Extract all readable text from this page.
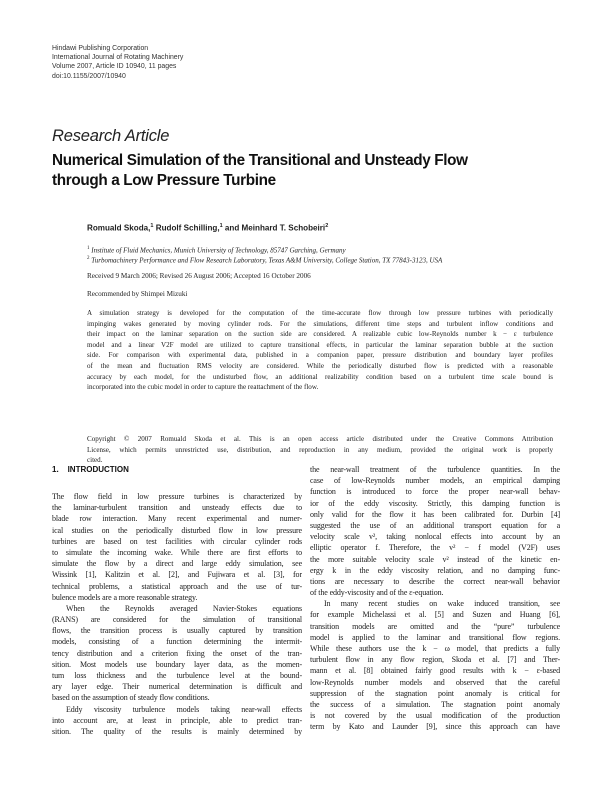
Hindawi Publishing Corporation
International Journal of Rotating Machinery
Volume 2007, Article ID 10940, 11 pages
doi:10.1155/2007/10940
Research Article
Numerical Simulation of the Transitional and Unsteady Flow
through a Low Pressure Turbine
Romuald Skoda,$^1$ Rudolf Schilling,$^1$ and Meinhard T. Schobeiri$^2$
$^1$ Institute of Fluid Mechanics, Munich University of Technology, 85747 Garching, Germany
$^2$ Turbomachinery Performance and Flow Research Laboratory, Texas A&M University, College Station, TX 77843-3123, USA
Received 9 March 2006; Revised 26 August 2006; Accepted 16 October 2006
Recommended by Shimpei Mizuki
A simulation strategy is developed for the computation of the time-accurate flow through low pressure turbines with periodically
impinging wakes generated by moving cylinder rods. For the simulations, different time steps and turbulent inflow conditions and
their impact on the laminar separation on the suction side are considered. A realizable cubic low-Reynolds number k − ε turbulence
model and a linear V2F model are utilized to capture transitional effects, in particular the laminar separation bubble at the suction
side. For comparison with experimental data, published in a companion paper, pressure distribution and boundary layer profiles
of the mean and fluctuation RMS velocity are considered. While the periodically disturbed flow is predicted with a reasonable
accuracy by each model, for the undisturbed flow, an additional realizability condition based on a turbulent time scale bound is
incorporated into the cubic model in order to capture the reattachment of the flow.
Copyright © 2007 Romuald Skoda et al. This is an open access article distributed under the Creative Commons Attribution
License, which permits unrestricted use, distribution, and reproduction in any medium, provided the original work is properly
cited.
1. INTRODUCTION
The flow field in low pressure turbines is characterized by
the laminar-turbulent transition and unsteady effects due to
blade row interaction. Many recent experimental and numer-
ical studies on the periodically disturbed flow in low pressure
turbines are based on test facilities with circular cylinder rods
to simulate the incoming wake. While there are first efforts to
simulate the flow by a direct and large eddy simulation, see
Wissink [1], Kalitzin et al. [2], and Fujiwara et al. [3], for
technical problems, a statistical approach and the use of tur-
bulence models are a more reasonable strategy.
When the Reynolds averaged Navier-Stokes equations
(RANS) are considered for the simulation of transitional
flows, the transition process is usually captured by transition
models, consisting of a function determining the intermit-
tency distribution and a criterion fixing the onset of the tran-
sition. Most models use boundary layer data, as the momen-
tum loss thickness and the turbulence level at the bound-
ary layer edge. Their numerical determination is difficult and
based on the assumption of steady flow conditions.
Eddy viscosity turbulence models taking near-wall effects
into account are, at least in principle, able to predict tran-
sition. The quality of the results is mainly determined by
the near-wall treatment of the turbulence quantities. In the
case of low-Reynolds number models, an empirical damping
function is introduced to force the proper near-wall behav-
ior of the eddy viscosity. Strictly, this damping function is
only valid for the flow it has been calibrated for. Durbin [4]
suggested the use of an additional transport equation for a
velocity scale v², taking nonlocal effects into account by an
elliptic operator f. Therefore, the v² − f model (V2F) uses
the more suitable velocity scale v² instead of the kinetic en-
ergy k in the eddy viscosity relation, and no damping func-
tions are necessary to describe the correct near-wall behavior
of the eddy-viscosity and of the ε-equation.
In many recent studies on wake induced transition, see
for example Michelassi et al. [5] and Suzen and Huang [6],
transition models are omitted and the “pure” turbulence
model is applied to the laminar and transitional flow regions.
While these authors use the k − ω model, that predicts a fully
turbulent flow in any flow region, Skoda et al. [7] and Ther-
mann et al. [8] obtained fairly good results with k − ε-based
low-Reynolds number models and observed that the careful
suppression of the stagnation point anomaly is critical for
the success of a simulation. The stagnation point anomaly
is not covered by the usual modification of the production
term by Kato and Launder [9], since this approach can have
